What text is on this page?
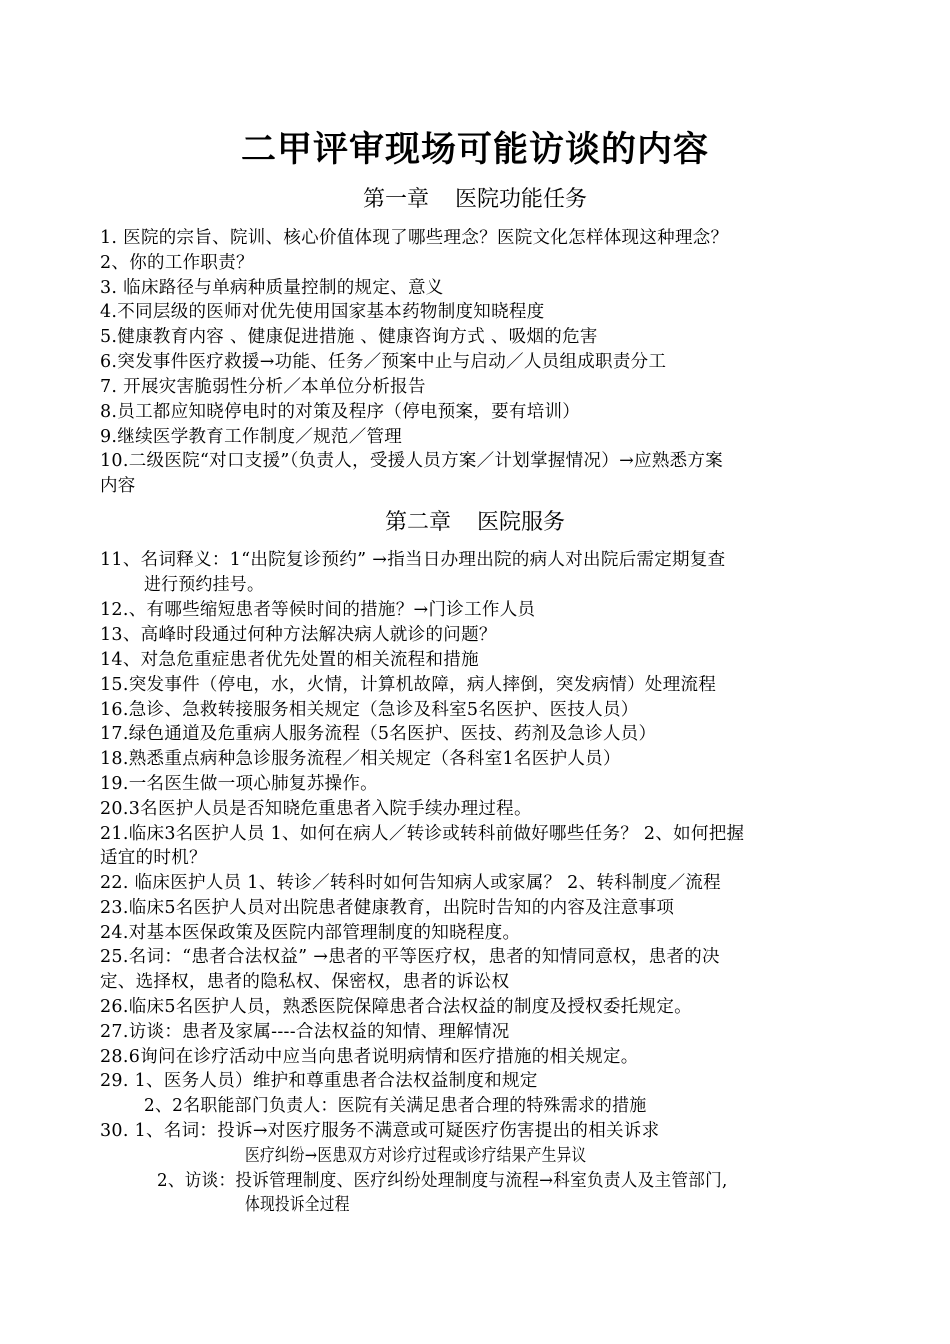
二甲评审现场可能访谈的内容
第一章 医院功能任务
1. 医院的宗旨、院训、核心价值体现了哪些理念？医院文化怎样体现这种理念？
2、你的工作职责？
3. 临床路径与单病种质量控制的规定、意义
4.不同层级的医师对优先使用国家基本药物制度知晓程度
5.健康教育内容 、健康促进措施 、健康咨询方式 、吸烟的危害
6.突发事件医疗救援→功能、任务／预案中止与启动／人员组成职责分工
7. 开展灾害脆弱性分析／本单位分析报告
8.员工都应知晓停电时的对策及程序（停电预案，要有培训）
9.继续医学教育工作制度／规范／管理
10.二级医院“对口支援”（负责人，受援人员方案／计划掌握情况）→应熟悉方案
内容
第二章 医院服务
11、名词释义：1“出院复诊预约” →指当日办理出院的病人对出院后需定期复查
进行预约挂号。
12.、有哪些缩短患者等候时间的措施？→门诊工作人员
13、高峰时段通过何种方法解决病人就诊的问题？
14、对急危重症患者优先处置的相关流程和措施
15.突发事件（停电，水，火情，计算机故障，病人摔倒，突发病情）处理流程
16.急诊、急救转接服务相关规定（急诊及科室5名医护、医技人员）
17.绿色通道及危重病人服务流程（5名医护、医技、药剂及急诊人员）
18.熟悉重点病种急诊服务流程／相关规定（各科室1名医护人员）
19.一名医生做一项心肺复苏操作。
20.3名医护人员是否知晓危重患者入院手续办理过程。
21.临床3名医护人员 1、如何在病人／转诊或转科前做好哪些任务？ 2、如何把握
适宜的时机？
22. 临床医护人员 1、转诊／转科时如何告知病人或家属？ 2、转科制度／流程
23.临床5名医护人员对出院患者健康教育，出院时告知的内容及注意事项
24.对基本医保政策及医院内部管理制度的知晓程度。
25.名词：“患者合法权益” →患者的平等医疗权，患者的知情同意权，患者的决
定、选择权，患者的隐私权、保密权，患者的诉讼权
26.临床5名医护人员，熟悉医院保障患者合法权益的制度及授权委托规定。
27.访谈：患者及家属----合法权益的知情、理解情况
28.6询问在诊疗活动中应当向患者说明病情和医疗措施的相关规定。
29. 1、医务人员）维护和尊重患者合法权益制度和规定
2、2名职能部门负责人：医院有关满足患者合理的特殊需求的措施
30. 1、名词：投诉→对医疗服务不满意或可疑医疗伤害提出的相关诉求
医疗纠纷→医患双方对诊疗过程或诊疗结果产生异议
2、访谈：投诉管理制度、医疗纠纷处理制度与流程→科室负责人及主管部门,
体现投诉全过程
